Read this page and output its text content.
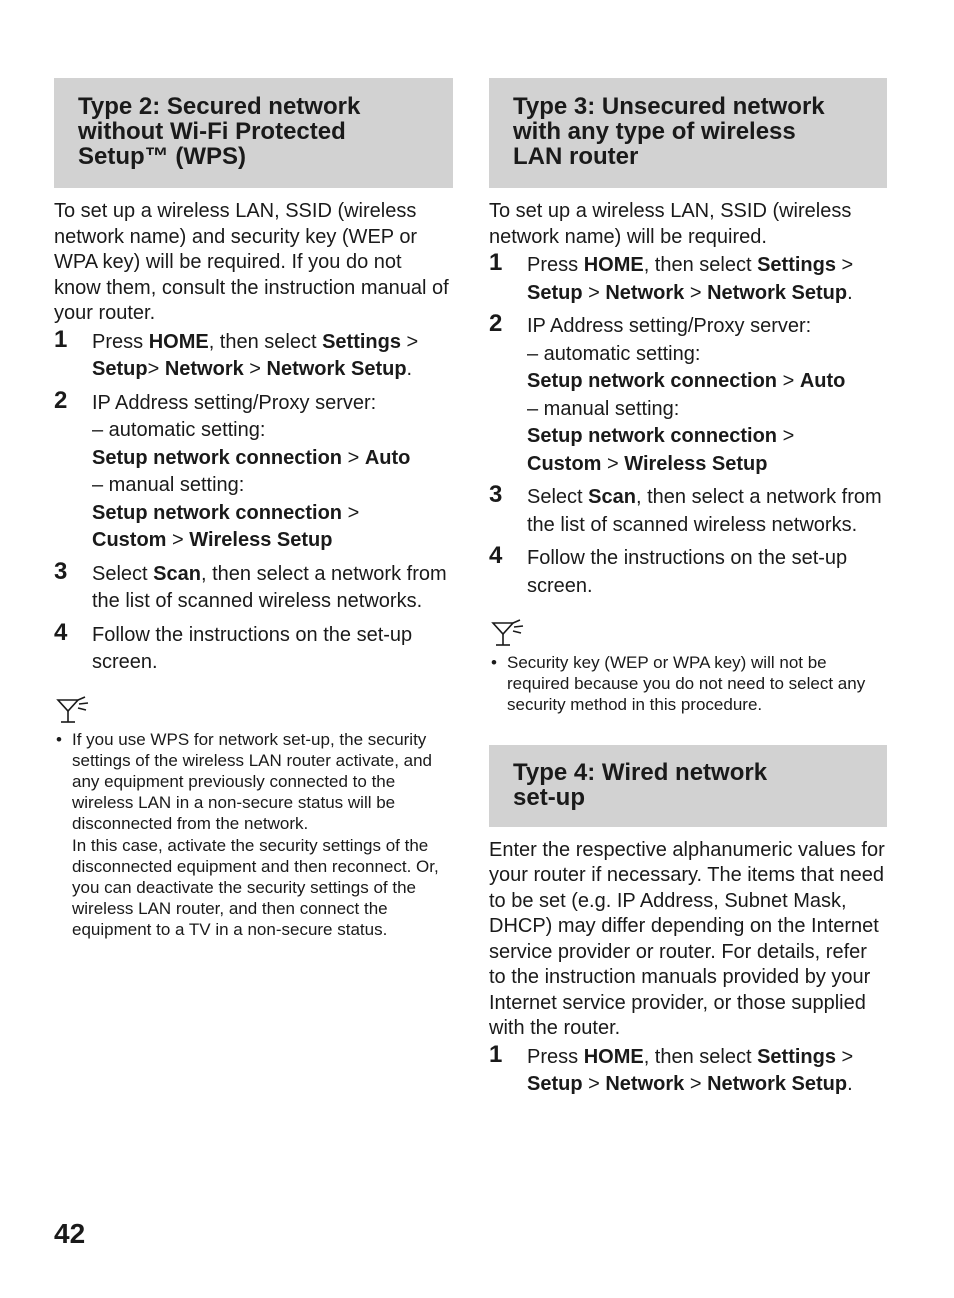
Type 2: Secured network
without Wi-Fi Protected
Setup™ (WPS)

To set up a wireless LAN, SSID (wireless network name) and security key (WEP or WPA key) will be required. If you do not know them, consult the instruction manual of your router.

1 Press HOME, then select Settings >
Setup> Network > Network Setup.
2 IP Address setting/Proxy server:
– automatic setting:
Setup network connection > Auto
– manual setting:
Setup network connection >
Custom > Wireless Setup
3 Select Scan, then select a network from the list of scanned wireless networks.
4 Follow the instructions on the set-up screen.
• If you use WPS for network set-up, the security settings of the wireless LAN router activate, and any equipment previously connected to the wireless LAN in a non-secure status will be disconnected from the network.
In this case, activate the security settings of the disconnected equipment and then reconnect. Or, you can deactivate the security settings of the wireless LAN router, and then connect the equipment to a TV in a non-secure status.
Type 3: Unsecured network
with any type of wireless
LAN router

To set up a wireless LAN, SSID (wireless network name) will be required.

1 Press HOME, then select Settings >
Setup > Network > Network Setup.
2 IP Address setting/Proxy server:
– automatic setting:
Setup network connection > Auto
– manual setting:
Setup network connection >
Custom > Wireless Setup
3 Select Scan, then select a network from the list of scanned wireless networks.
4 Follow the instructions on the set-up screen.
• Security key (WEP or WPA key) will not be required because you do not need to select any security method in this procedure.
Type 4: Wired network
set-up

Enter the respective alphanumeric values for your router if necessary. The items that need to be set (e.g. IP Address, Subnet Mask, DHCP) may differ depending on the Internet service provider or router. For details, refer to the instruction manuals provided by your Internet service provider, or those supplied with the router.

1 Press HOME, then select Settings >
Setup > Network > Network Setup.
42
